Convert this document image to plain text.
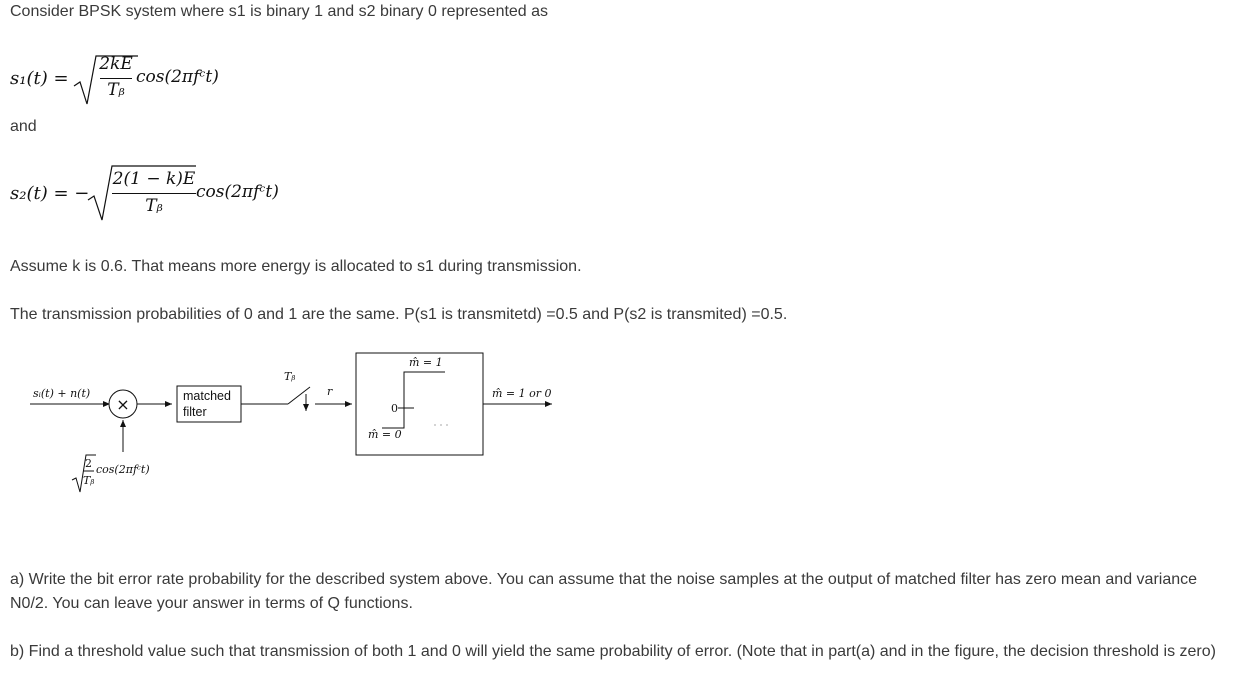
Consider BPSK system where s1 is binary 1 and s2 binary 0 represented as
s₁(t) =
2kE
Tᵦ
cos(2πfᶜt)
and
s₂(t) = −
2(1 − k)E
Tᵦ
cos(2πfᶜt)
Assume k is 0.6. That means more energy is allocated to s1 during transmission.
The transmission probabilities of 0 and 1 are the same. P(s1 is transmitetd) =0.5 and P(s2 is transmited) =0.5.
sᵢ(t) + n(t)
×	matched
filter
Tᵦ
r
m̂ = 1
m̂ = 0
0
m̂ = 1 or 0
2
Tᵦ
cos(2πfᶜt)
a) Write the bit error rate probability for the described system above. You can assume that the noise samples at the output of matched filter has zero mean and variance N0/2. You can leave your answer in terms of Q functions.
b) Find a threshold value such that transmission of both 1 and 0 will yield the same probability of error. (Note that in part(a) and in the figure, the decision threshold is zero)
